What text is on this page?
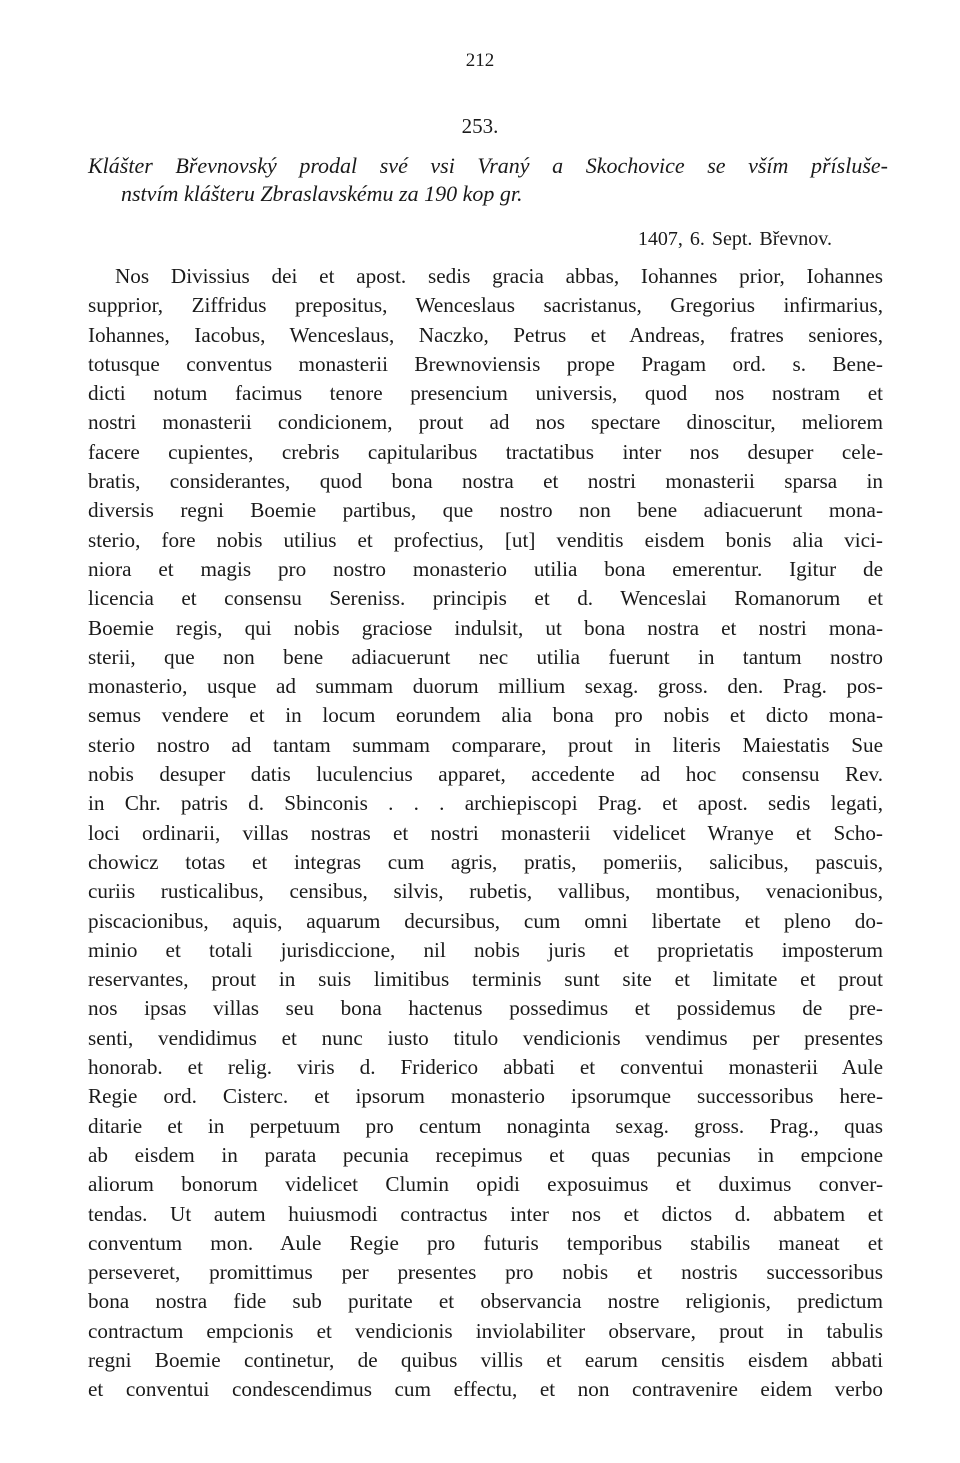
212
253.
Klášter Břevnovský prodal své vsi Vraný a Skochovice se vším přísluše-
nstvím klášteru Zbraslavskému za 190 kop gr.
1407, 6. Sept. Břevnov.
Nos Divissius dei et apost. sedis gracia abbas, Iohannes prior, Iohannes
supprior, Ziffridus prepositus, Wenceslaus sacristanus, Gregorius infirmarius,
Iohannes, Iacobus, Wenceslaus, Naczko, Petrus et Andreas, fratres seniores,
totusque conventus monasterii Brewnoviensis prope Pragam ord. s. Bene-
dicti notum facimus tenore presencium universis, quod nos nostram et
nostri monasterii condicionem, prout ad nos spectare dinoscitur, meliorem
facere cupientes, crebris capitularibus tractatibus inter nos desuper cele-
bratis, considerantes, quod bona nostra et nostri monasterii sparsa in
diversis regni Boemie partibus, que nostro non bene adiacuerunt mona-
sterio, fore nobis utilius et profectius, [ut] venditis eisdem bonis alia vici-
niora et magis pro nostro monasterio utilia bona emerentur. Igitur de
licencia et consensu Sereniss. principis et d. Wenceslai Romanorum et
Boemie regis, qui nobis graciose indulsit, ut bona nostra et nostri mona-
sterii, que non bene adiacuerunt nec utilia fuerunt in tantum nostro
monasterio, usque ad summam duorum millium sexag. gross. den. Prag. pos-
semus vendere et in locum eorundem alia bona pro nobis et dicto mona-
sterio nostro ad tantam summam comparare, prout in literis Maiestatis Sue
nobis desuper datis luculencius apparet, accedente ad hoc consensu Rev.
in Chr. patris d. Sbinconis . . . archiepiscopi Prag. et apost. sedis legati,
loci ordinarii, villas nostras et nostri monasterii videlicet Wranye et Scho-
chowicz totas et integras cum agris, pratis, pomeriis, salicibus, pascuis,
curiis rusticalibus, censibus, silvis, rubetis, vallibus, montibus, venacionibus,
piscacionibus, aquis, aquarum decursibus, cum omni libertate et pleno do-
minio et totali jurisdiccione, nil nobis juris et proprietatis imposterum
reservantes, prout in suis limitibus terminis sunt site et limitate et prout
nos ipsas villas seu bona hactenus possedimus et possidemus de pre-
senti, vendidimus et nunc iusto titulo vendicionis vendimus per presentes
honorab. et relig. viris d. Friderico abbati et conventui monasterii Aule
Regie ord. Cisterc. et ipsorum monasterio ipsorumque successoribus here-
ditarie et in perpetuum pro centum nonaginta sexag. gross. Prag., quas
ab eisdem in parata pecunia recepimus et quas pecunias in empcione
aliorum bonorum videlicet Clumin opidi exposuimus et duximus conver-
tendas. Ut autem huiusmodi contractus inter nos et dictos d. abbatem et
conventum mon. Aule Regie pro futuris temporibus stabilis maneat et
perseveret, promittimus per presentes pro nobis et nostris successoribus
bona nostra fide sub puritate et observancia nostre religionis, predictum
contractum empcionis et vendicionis inviolabiliter observare, prout in tabulis
regni Boemie continetur, de quibus villis et earum censitis eisdem abbati
et conventui condescendimus cum effectu, et non contravenire eidem verbo
